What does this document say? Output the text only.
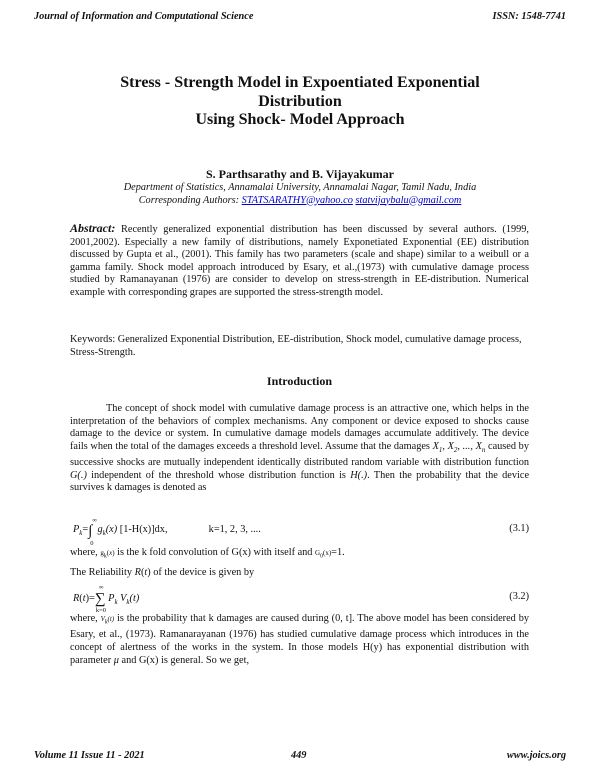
Journal of Information and Computational Science	ISSN: 1548-7741
Stress - Strength Model in Expoentiated Exponential
Distribution
Using Shock- Model Approach
S. Parthsarathy and B. Vijayakumar
Department of Statistics, Annamalai University, Annamalai Nagar, Tamil Nadu, India
Corresponding Authors: STATSARATHY@yahoo.co statvijaybalu@gmail.com
Abstract: Recently generalized exponential distribution has been discussed by several authors. (1999, 2001,2002). Especially a new family of distributions, namely Exponetiated Exponential (EE) distribution discussed by Gupta et al., (2001). This family has two parameters (scale and shape) similar to a weibull or a gamma family. Shock model approach introduced by Esary, et al.,(1973) with cumulative damage process studied by Ramanayanan (1976) are consider to develop on stress-strength in EE-distribution. Numerical example with corresponding grapes are supported the stress-strength model.
Keywords: Generalized Exponential Distribution, EE-distribution, Shock model, cumulative damage process, Stress-Strength.
Introduction
The concept of shock model with cumulative damage process is an attractive one, which helps in the interpretation of the behaviors of complex mechanisms. Any component or device exposed to shocks cause damage to the device or system. In cumulative damage models damages accumulate additively. The device fails when the total of the damages exceeds a threshold level. Assume that the damages $X_1$, $X_2$, ..., $X_n$ caused by successive shocks are mutually independent identically distributed random variable with distribution function G(.) independent of the threshold whose distribution function is H(.). Then the probability that the device survives k damages is denoted as
$P_k=\int$
∞
0
$g_k(x)$ [1-H(x)]dx,	k=1, 2, 3, ....	(3.1)
where, $g_k(x)$ is the k fold convolution of G(x) with itself and $G_0(x)=1$.
The Reliability R(t) of the device is given by
R(t)=∑
∞
k=0
$P_k$ $V_k(t)$	(3.2)
where, $V_k(t)$ is the probability that k damages are caused during (0, t]. The above model has been considered by Esary, et al., (1973). Ramanarayanan (1976) has studied cumulative damage process which introduces in the concept of alertness of the works in the system. In those models H(y) has exponential distribution with parameter μ and G(x) is general. So we get,
Volume 11 Issue 11 - 2021	449	www.joics.org
